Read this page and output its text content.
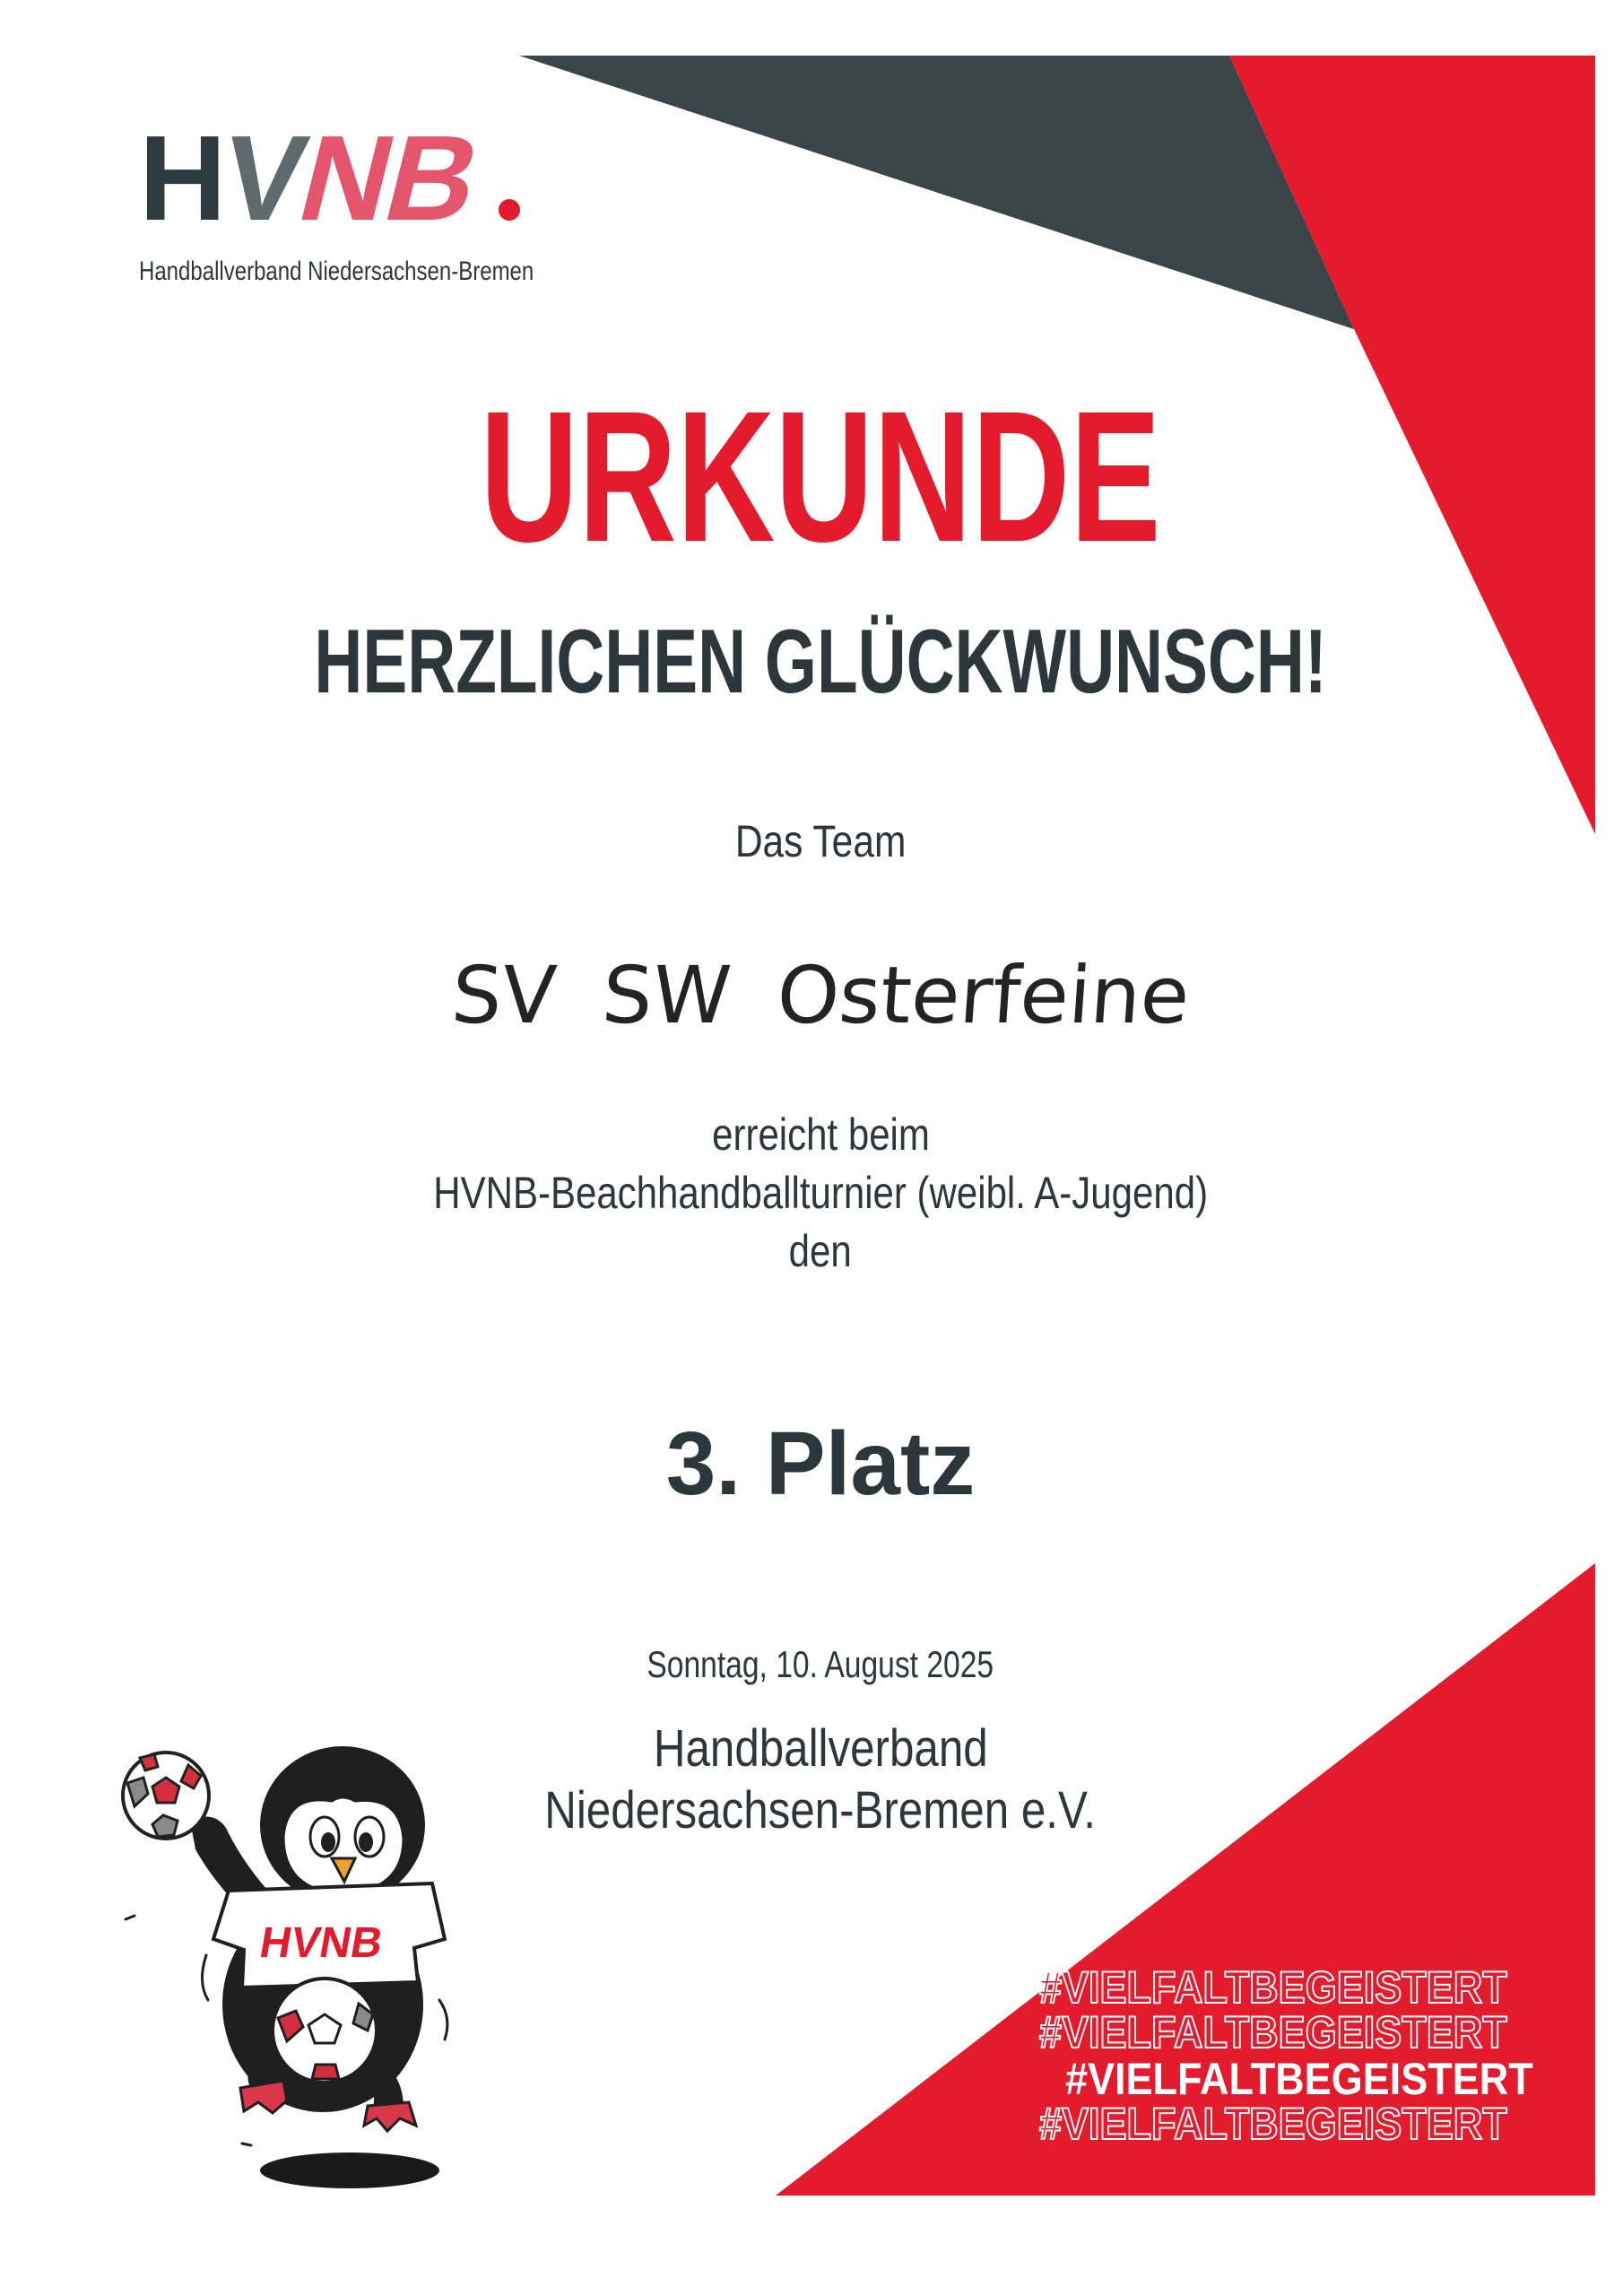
HVNB
Handballverband Niedersachsen-Bremen
URKUNDE
HERZLICHEN GLÜCKWUNSCH!
Das Team
SV SW Osterfeine
erreicht beim
HVNB-Beachhandballturnier (weibl. A-Jugend)
den
3. Platz
Sonntag, 10. August 2025
Handballverband
Niedersachsen-Bremen e.V.
#VIELFALTBEGEISTERT
#VIELFALTBEGEISTERT
#VIELFALTBEGEISTERT
#VIELFALTBEGEISTERT
HVNB
